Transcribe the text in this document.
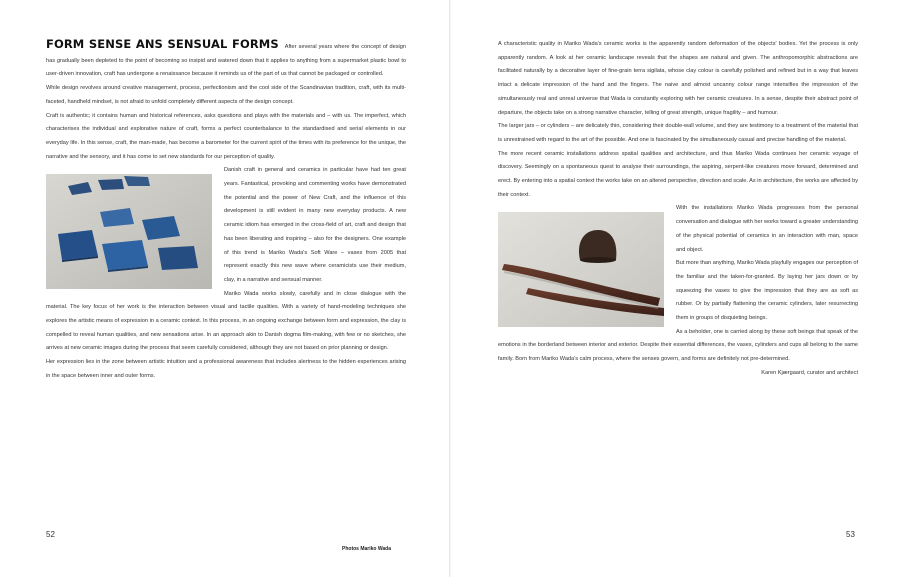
FORM SENSE ANS SENSUAL FORMS After several years where the concept of design has gradually been depleted to the point of becoming so insipid and watered down that it applies to anything from a supermarket plastic bowl to user-driven innovation, craft has undergone a renaissance because it reminds us of the part of us that cannot be packaged or controlled.

While design revolves around creative management, process, perfectionism and the cool side of the Scandinavian tradition, craft, with its multi-faceted, handheld mindset, is not afraid to unfold completely different aspects of the design concept.

Craft is authentic; it contains human and historical references, asks questions and plays with the materials and – with us. The imperfect, which characterises the individual and explorative nature of craft, forms a perfect counterbalance to the standardised and serial elements in our everyday life. In this sense, craft, the man-made, has become a barometer for the current spirit of the times with its preference for the unique, the narrative and the sensory, and it has come to set new standards for our perception of quality.

Danish craft in general and ceramics in particular have had ten great years. Fantastical, provoking and commenting works have demonstrated the potential and the power of New Craft, and the influence of this development is still evident in many new everyday products. A new ceramic idiom has emerged in the cross-field of art, craft and design that has been liberating and inspiring – also for the designers. One example of this trend is Mariko Wada's Soft Ware – vases from 2005 that represent exactly this new wave where ceramicists use their medium, clay, in a narrative and sensual manner.

Mariko Wada works slowly, carefully and in close dialogue with the material. The key focus of her work is the interaction between visual and tactile qualities. With a variety of hand-modeling techniques she explores the artistic means of expression in a ceramic context. In this process, in an ongoing exchange between form and expression, the clay is compelled to reveal human qualities, and new sensations arise. In an approach akin to Danish dogma film-making, with few or no sketches, she arrives at new ceramic images during the process that seem carefully considered, although they are not based on prior planning or design.

Her expression lies in the zone between artistic intuition and a professional awareness that includes alertness to the hidden experiences arising in the space between inner and outer forms.

52
Photos Mariko Wada

A characteristic quality in Mariko Wada's ceramic works is the apparently random deformation of the objects' bodies. Yet the process is only apparently random. A look at her ceramic landscape reveals that the shapes are natural and given. The anthropomorphic abstractions are facilitated naturally by a decorative layer of fine-grain terra sigilata, whose clay colour is carefully polished and refined but in a way that leaves intact a delicate impression of the hand and the fingers. The naive and almost uncanny colour range intensifies the impression of the simultaneously real and unreal universe that Wada is constantly exploring with her ceramic creatures. In a sense, despite their abstract point of departure, the objects take on a strong narrative character, telling of great strength, unique fragility – and humour.

The larger jars – or cylinders – are delicately thin, considering their double-wall volume, and they are testimony to a treatment of the material that is unrestrained with regard to the art of the possible. And one is fascinated by the simultaneously casual and precise handling of the material.

The more recent ceramic installations address spatial qualities and architecture, and thus Mariko Wada continues her ceramic voyage of discovery. Seemingly on a spontaneous quest to analyse their surroundings, the aspiring, serpent-like creatures move forward, determined and erect. By entering into a spatial context the works take on an altered perspective, direction and scale. As in architecture, the works are affected by their context.

With the installations Mariko Wada progresses from the personal conversation and dialogue with her works toward a greater understanding of the physical potential of ceramics in an interaction with man, space and object.

But more than anything, Mariko Wada playfully engages our perception of the familiar and the taken-for-granted. By laying her jars down or by squeezing the vases to give the impression that they are as soft as rubber. Or by partially flattening the ceramic cylinders, later resurrecting them in groups of disquieting beings.

As a beholder, one is carried along by these soft beings that speak of the emotions in the borderland between interior and exterior. Despite their essential differences, the vases, cylinders and cups all belong to the same family. Born from Mariko Wada's calm process, where the senses govern, and forms are definitely not pre-determined.

Karen Kjærgaard, curator and architect

53
